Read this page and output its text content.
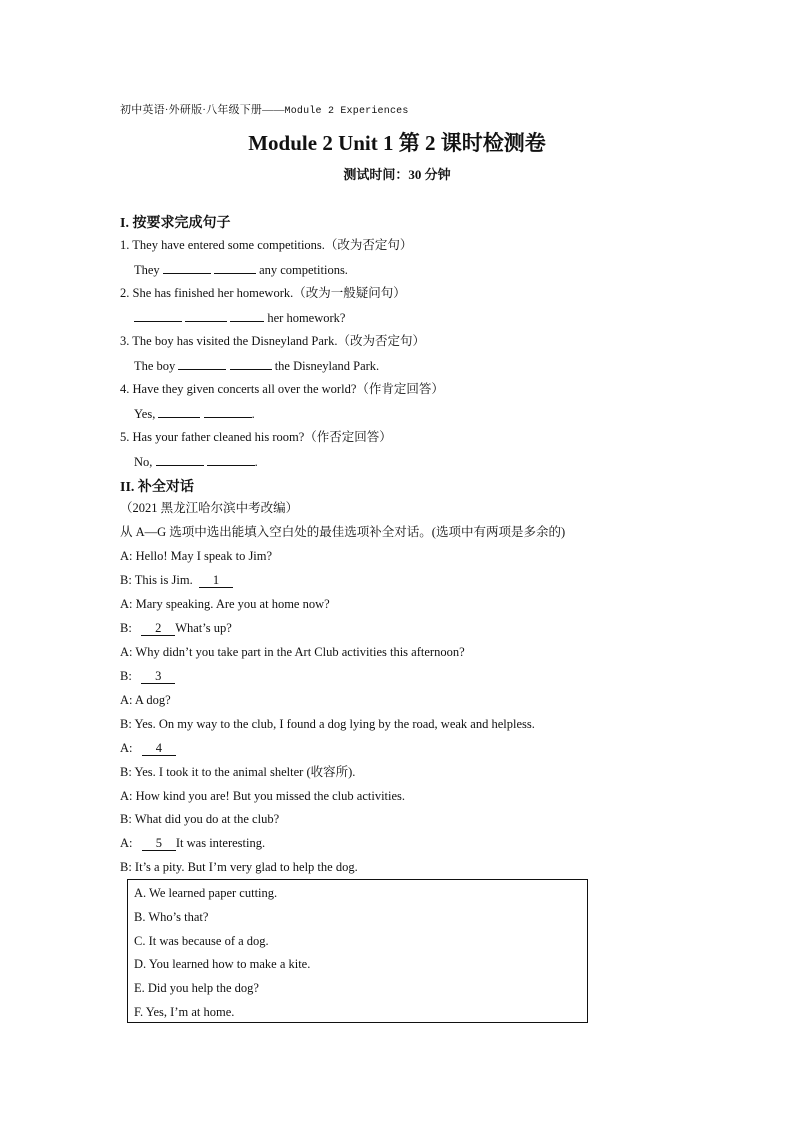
初中英语·外研版·八年级下册——Module 2 Experiences
Module 2 Unit 1 第 2 课时检测卷
测试时间：30 分钟
I. 按要求完成句子
1. They have entered some competitions.（改为否定句）
They	any competitions.
2. She has finished her homework.（改为一般疑问句）
her homework?
3. The boy has visited the Disneyland Park.（改为否定句）
The boy	the Disneyland Park.
4. Have they given concerts all over the world?（作肯定回答）
Yes,	.
5. Has your father cleaned his room?（作否定回答）
No,	.
II. 补全对话
（2021 黑龙江哈尔滨中考改编）
从 A—G 选项中选出能填入空白处的最佳选项补全对话。(选项中有两项是多余的)
A: Hello! May I speak to Jim?
B: This is Jim. 1
A: Mary speaking. Are you at home now?
B: 2 What’s up?
A: Why didn’t you take part in the Art Club activities this afternoon?
B: 3
A: A dog?
B: Yes. On my way to the club, I found a dog lying by the road, weak and helpless.
A: 4
B: Yes. I took it to the animal shelter (收容所).
A: How kind you are! But you missed the club activities.
B: What did you do at the club?
A: 5 It was interesting.
B: It’s a pity. But I’m very glad to help the dog.
A. We learned paper cutting.
B. Who’s that?
C. It was because of a dog.
D. You learned how to make a kite.
E. Did you help the dog?
F. Yes, I’m at home.
